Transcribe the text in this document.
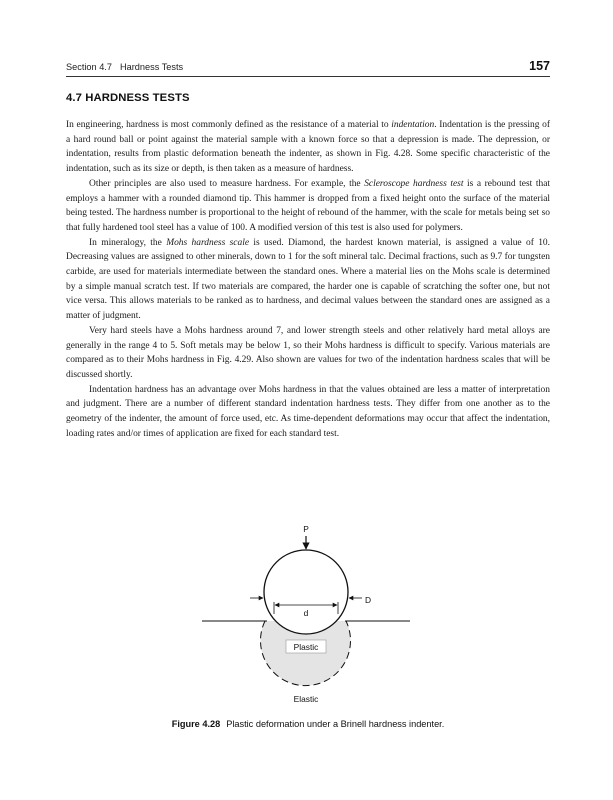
Section 4.7 Hardness Tests	157
4.7 HARDNESS TESTS

In engineering, hardness is most commonly defined as the resistance of a material to indentation. Indentation is the pressing of a hard round ball or point against the material sample with a known force so that a depression is made. The depression, or indentation, results from plastic deformation beneath the indenter, as shown in Fig. 4.28. Some specific characteristic of the indentation, such as its size or depth, is then taken as a measure of hardness.

Other principles are also used to measure hardness. For example, the Scleroscope hardness test is a rebound test that employs a hammer with a rounded diamond tip. This hammer is dropped from a fixed height onto the surface of the material being tested. The hardness number is proportional to the height of rebound of the hammer, with the scale for metals being set so that fully hardened tool steel has a value of 100. A modified version of this test is also used for polymers.

In mineralogy, the Mohs hardness scale is used. Diamond, the hardest known material, is assigned a value of 10. Decreasing values are assigned to other minerals, down to 1 for the soft mineral talc. Decimal fractions, such as 9.7 for tungsten carbide, are used for materials intermediate between the standard ones. Where a material lies on the Mohs scale is determined by a simple manual scratch test. If two materials are compared, the harder one is capable of scratching the softer one, but not vice versa. This allows materials to be ranked as to hardness, and decimal values between the standard ones are assigned as a matter of judgment.

Very hard steels have a Mohs hardness around 7, and lower strength steels and other relatively hard metal alloys are generally in the range 4 to 5. Soft metals may be below 1, so their Mohs hardness is difficult to specify. Various materials are compared as to their Mohs hardness in Fig. 4.29. Also shown are values for two of the indentation hardness scales that will be discussed shortly.

Indentation hardness has an advantage over Mohs hardness in that the values obtained are less a matter of interpretation and judgment. There are a number of different standard indentation hardness tests. They differ from one another as to the geometry of the indenter, the amount of force used, etc. As time-dependent deformations may occur that affect the indentation, loading rates and/or times of application are fixed for each standard test.

P
d
D
Plastic
Elastic
Figure 4.28 Plastic deformation under a Brinell hardness indenter.
